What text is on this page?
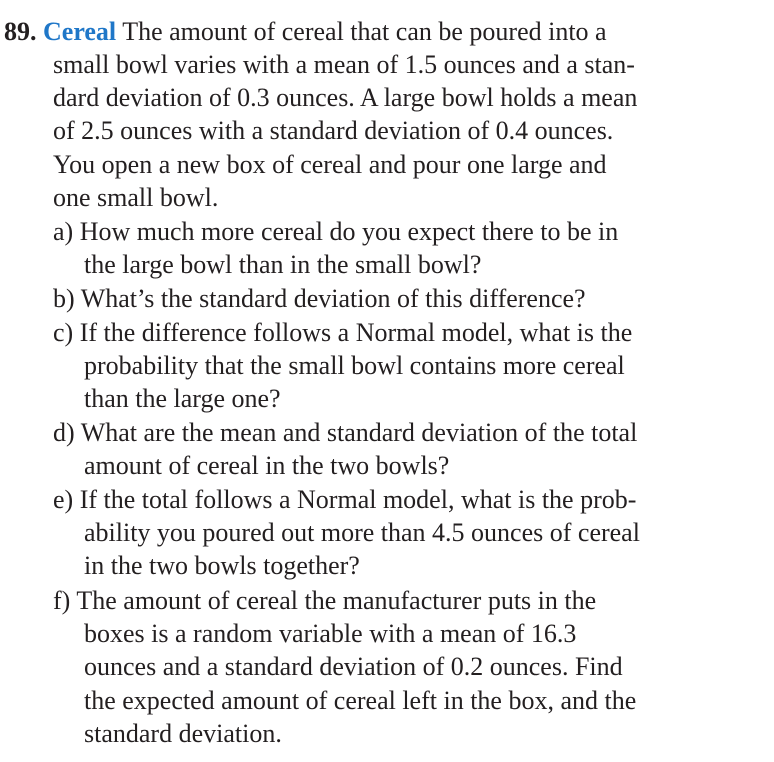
89. Cereal The amount of cereal that can be poured into a
small bowl varies with a mean of 1.5 ounces and a stan-
dard deviation of 0.3 ounces. A large bowl holds a mean
of 2.5 ounces with a standard deviation of 0.4 ounces.
You open a new box of cereal and pour one large and
one small bowl.
a) How much more cereal do you expect there to be in
the large bowl than in the small bowl?
b) What’s the standard deviation of this difference?
c) If the difference follows a Normal model, what is the
probability that the small bowl contains more cereal
than the large one?
d) What are the mean and standard deviation of the total
amount of cereal in the two bowls?
e) If the total follows a Normal model, what is the prob-
ability you poured out more than 4.5 ounces of cereal
in the two bowls together?
f) The amount of cereal the manufacturer puts in the
boxes is a random variable with a mean of 16.3
ounces and a standard deviation of 0.2 ounces. Find
the expected amount of cereal left in the box, and the
standard deviation.
